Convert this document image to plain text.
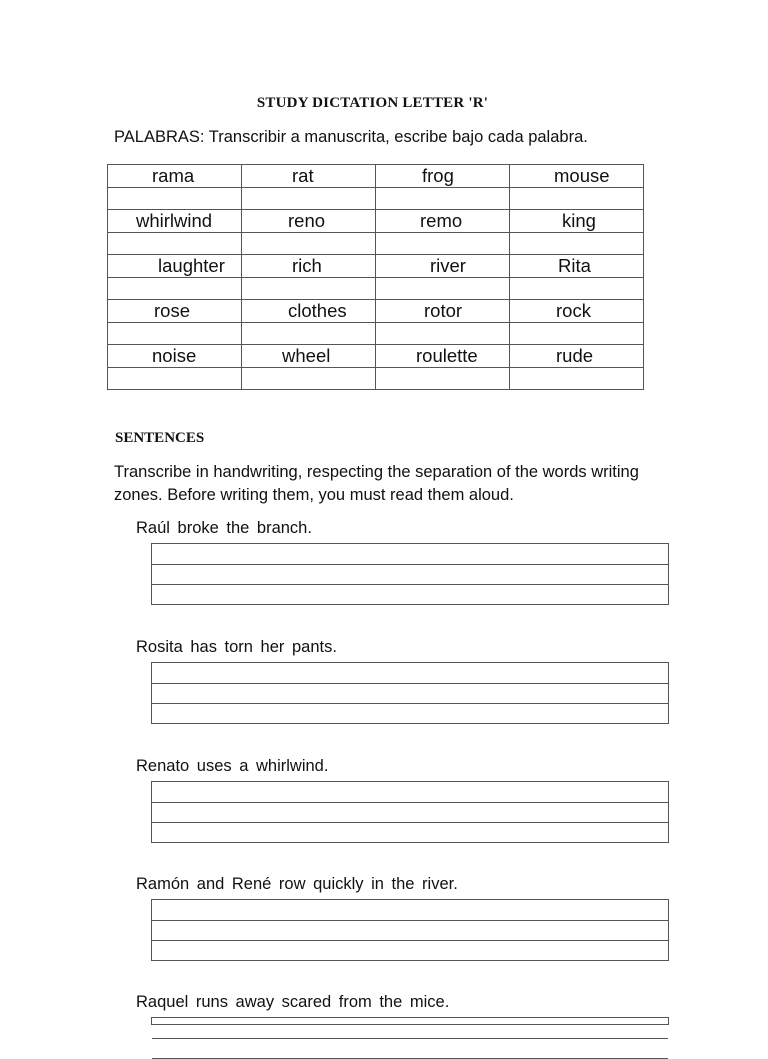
STUDY DICTATION LETTER 'R'
PALABRAS: Transcribir a manuscrita, escribe bajo cada palabra.
rama	rat	frog	mouse

whirlwind	reno	remo	king

laughter	rich	river	Rita

rose	clothes	rotor	rock

noise	wheel	roulette	rude

SENTENCES
Transcribe in handwriting, respecting the separation of the words writing zones. Before writing them, you must read them aloud.
Raúl broke the branch.
Rosita has torn her pants.
Renato uses a whirlwind.
Ramón and René row quickly in the river.
Raquel runs away scared from the mice.
